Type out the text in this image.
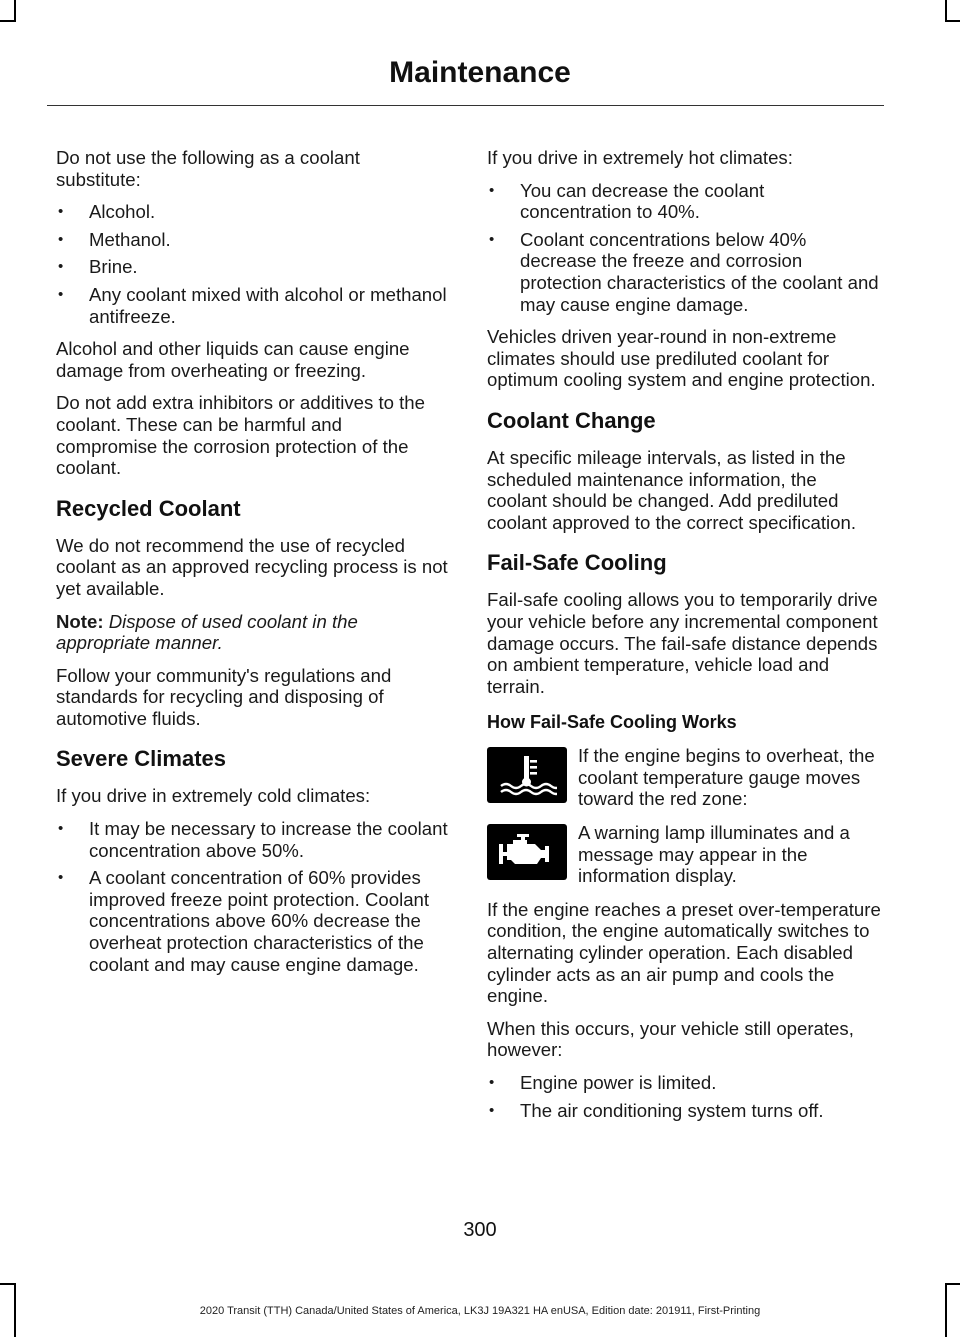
Maintenance

Do not use the following as a coolant substitute:

• Alcohol.
• Methanol.
• Brine.
• Any coolant mixed with alcohol or methanol antifreeze.

Alcohol and other liquids can cause engine damage from overheating or freezing.

Do not add extra inhibitors or additives to the coolant. These can be harmful and compromise the corrosion protection of the coolant.

Recycled Coolant

We do not recommend the use of recycled coolant as an approved recycling process is not yet available.

Note: Dispose of used coolant in the appropriate manner.

Follow your community's regulations and standards for recycling and disposing of automotive fluids.

Severe Climates

If you drive in extremely cold climates:

• It may be necessary to increase the coolant concentration above 50%.
• A coolant concentration of 60% provides improved freeze point protection. Coolant concentrations above 60% decrease the overheat protection characteristics of the coolant and may cause engine damage.

If you drive in extremely hot climates:

• You can decrease the coolant concentration to 40%.
• Coolant concentrations below 40% decrease the freeze and corrosion protection characteristics of the coolant and may cause engine damage.

Vehicles driven year-round in non-extreme climates should use prediluted coolant for optimum cooling system and engine protection.

Coolant Change

At specific mileage intervals, as listed in the scheduled maintenance information, the coolant should be changed. Add prediluted coolant approved to the correct specification.

Fail-Safe Cooling

Fail-safe cooling allows you to temporarily drive your vehicle before any incremental component damage occurs. The fail-safe distance depends on ambient temperature, vehicle load and terrain.

How Fail-Safe Cooling Works
If the engine begins to overheat, the coolant temperature gauge moves toward the red zone:
A warning lamp illuminates and a message may appear in the information display.

If the engine reaches a preset over-temperature condition, the engine automatically switches to alternating cylinder operation. Each disabled cylinder acts as an air pump and cools the engine.

When this occurs, your vehicle still operates, however:

• Engine power is limited.
• The air conditioning system turns off.
300
2020 Transit (TTH) Canada/United States of America, LK3J 19A321 HA enUSA, Edition date: 201911, First-Printing
